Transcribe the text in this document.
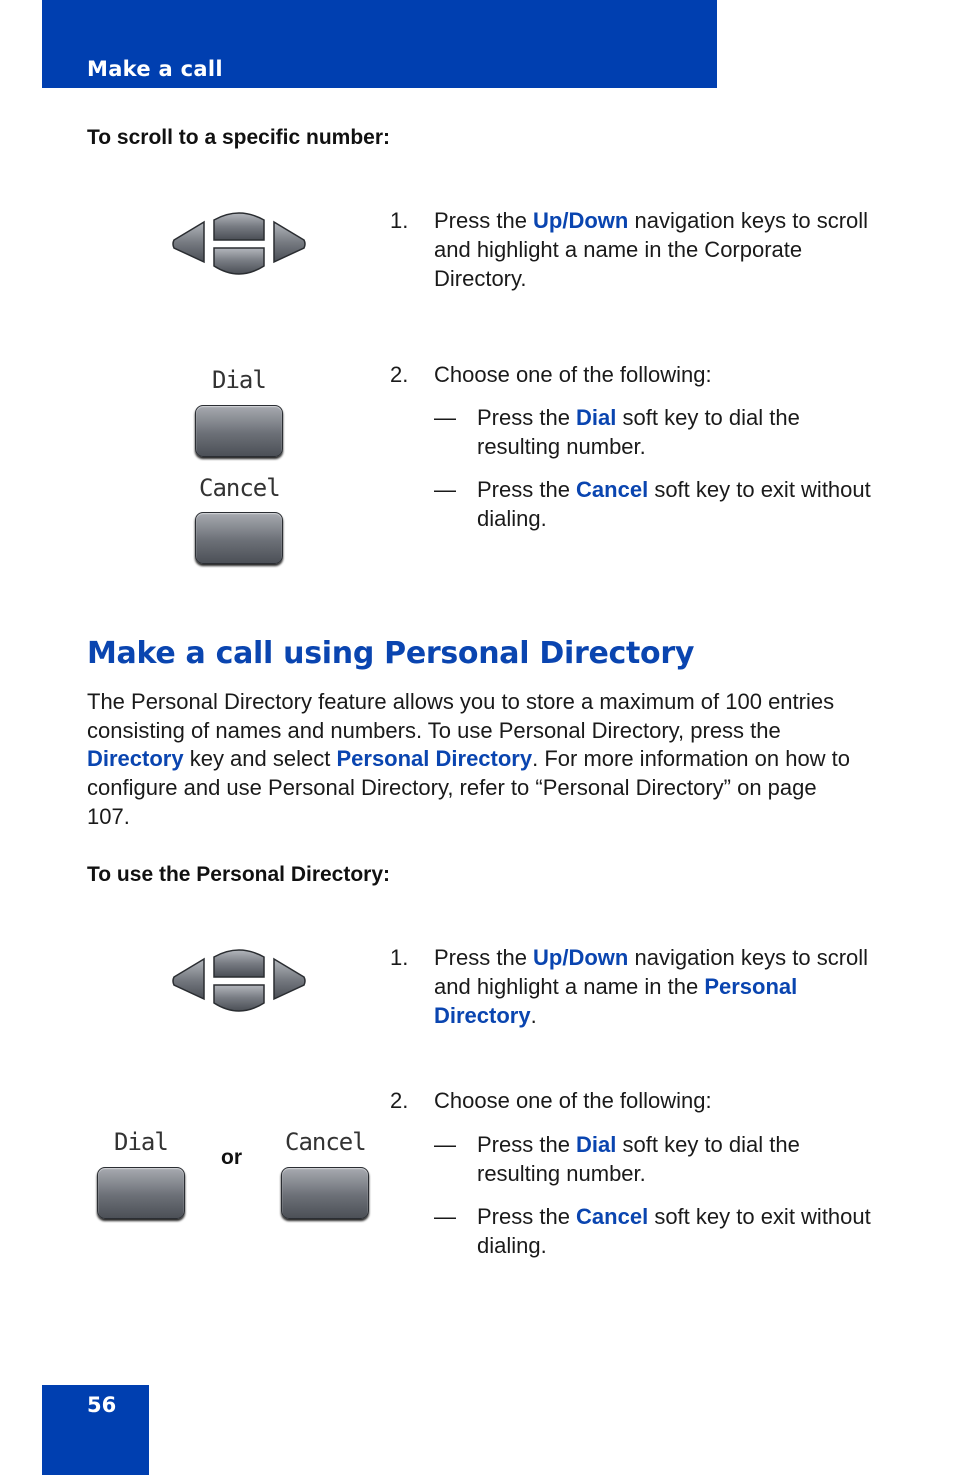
Make a call
To scroll to a specific number:
1. Press the Up/Down navigation keys to scroll and highlight a name in the Corporate Directory.
Dial
Cancel
2. Choose one of the following:
— Press the Dial soft key to dial the resulting number.
— Press the Cancel soft key to exit without dialing.
Make a call using Personal Directory
The Personal Directory feature allows you to store a maximum of 100 entries consisting of names and numbers. To use Personal Directory, press the Directory key and select Personal Directory. For more information on how to configure and use Personal Directory, refer to “Personal Directory” on page 107.
To use the Personal Directory:
1. Press the Up/Down navigation keys to scroll and highlight a name in the Personal Directory.
Dial
or
Cancel
2. Choose one of the following:
— Press the Dial soft key to dial the resulting number.
— Press the Cancel soft key to exit without dialing.
56
